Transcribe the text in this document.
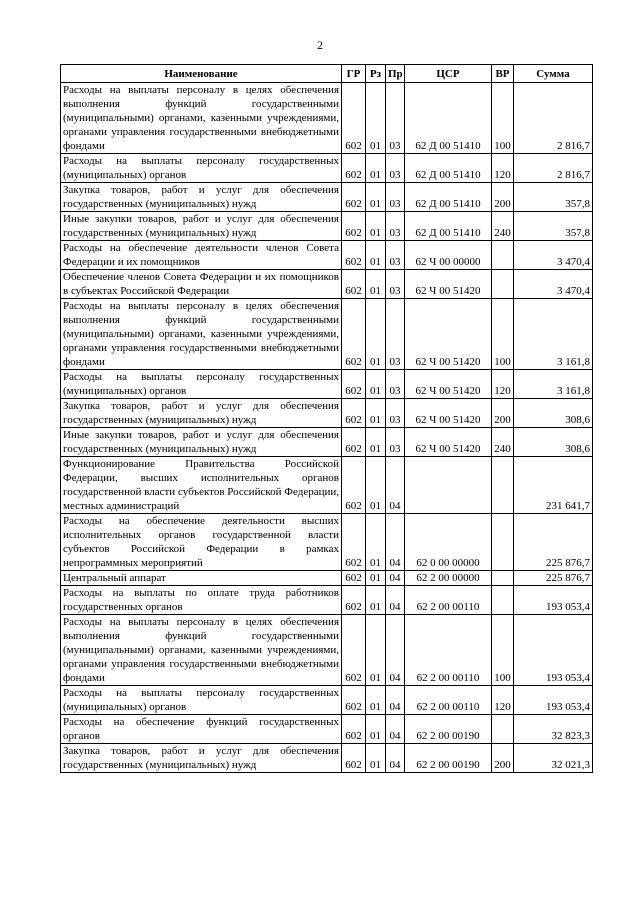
2
Наименование	ГР	Рз	Пр	ЦСР	ВР	Сумма
Расходы на выплаты персоналу в целях обеспечения выполнения функций государственными (муниципальными) органами, казенными учреждениями, органами управления государственными внебюджетными фондами	602	01	03	62 Д 00 51410	100	2 816,7
Расходы на выплаты персоналу государственных (муниципальных) органов	602	01	03	62 Д 00 51410	120	2 816,7
Закупка товаров, работ и услуг для обеспечения государственных (муниципальных) нужд	602	01	03	62 Д 00 51410	200	357,8
Иные закупки товаров, работ и услуг для обеспечения государственных (муниципальных) нужд	602	01	03	62 Д 00 51410	240	357,8
Расходы на обеспечение деятельности членов Совета Федерации и их помощников	602	01	03	62 Ч 00 00000		3 470,4
Обеспечение членов Совета Федерации и их помощников в субъектах Российской Федерации	602	01	03	62 Ч 00 51420		3 470,4
Расходы на выплаты персоналу в целях обеспечения выполнения функций государственными (муниципальными) органами, казенными учреждениями, органами управления государственными внебюджетными фондами	602	01	03	62 Ч 00 51420	100	3 161,8
Расходы на выплаты персоналу государственных (муниципальных) органов	602	01	03	62 Ч 00 51420	120	3 161,8
Закупка товаров, работ и услуг для обеспечения государственных (муниципальных) нужд	602	01	03	62 Ч 00 51420	200	308,6
Иные закупки товаров, работ и услуг для обеспечения государственных (муниципальных) нужд	602	01	03	62 Ч 00 51420	240	308,6
Функционирование Правительства Российской Федерации, высших исполнительных органов государственной власти субъектов Российской Федерации, местных администраций	602	01	04			231 641,7
Расходы на обеспечение деятельности высших исполнительных органов государственной власти субъектов Российской Федерации в рамках непрограммных мероприятий	602	01	04	62 0 00 00000		225 876,7
Центральный аппарат	602	01	04	62 2 00 00000		225 876,7
Расходы на выплаты по оплате труда работников государственных органов	602	01	04	62 2 00 00110		193 053,4
Расходы на выплаты персоналу в целях обеспечения выполнения функций государственными (муниципальными) органами, казенными учреждениями, органами управления государственными внебюджетными фондами	602	01	04	62 2 00 00110	100	193 053,4
Расходы на выплаты персоналу государственных (муниципальных) органов	602	01	04	62 2 00 00110	120	193 053,4
Расходы на обеспечение функций государственных органов	602	01	04	62 2 00 00190		32 823,3
Закупка товаров, работ и услуг для обеспечения государственных (муниципальных) нужд	602	01	04	62 2 00 00190	200	32 021,3
